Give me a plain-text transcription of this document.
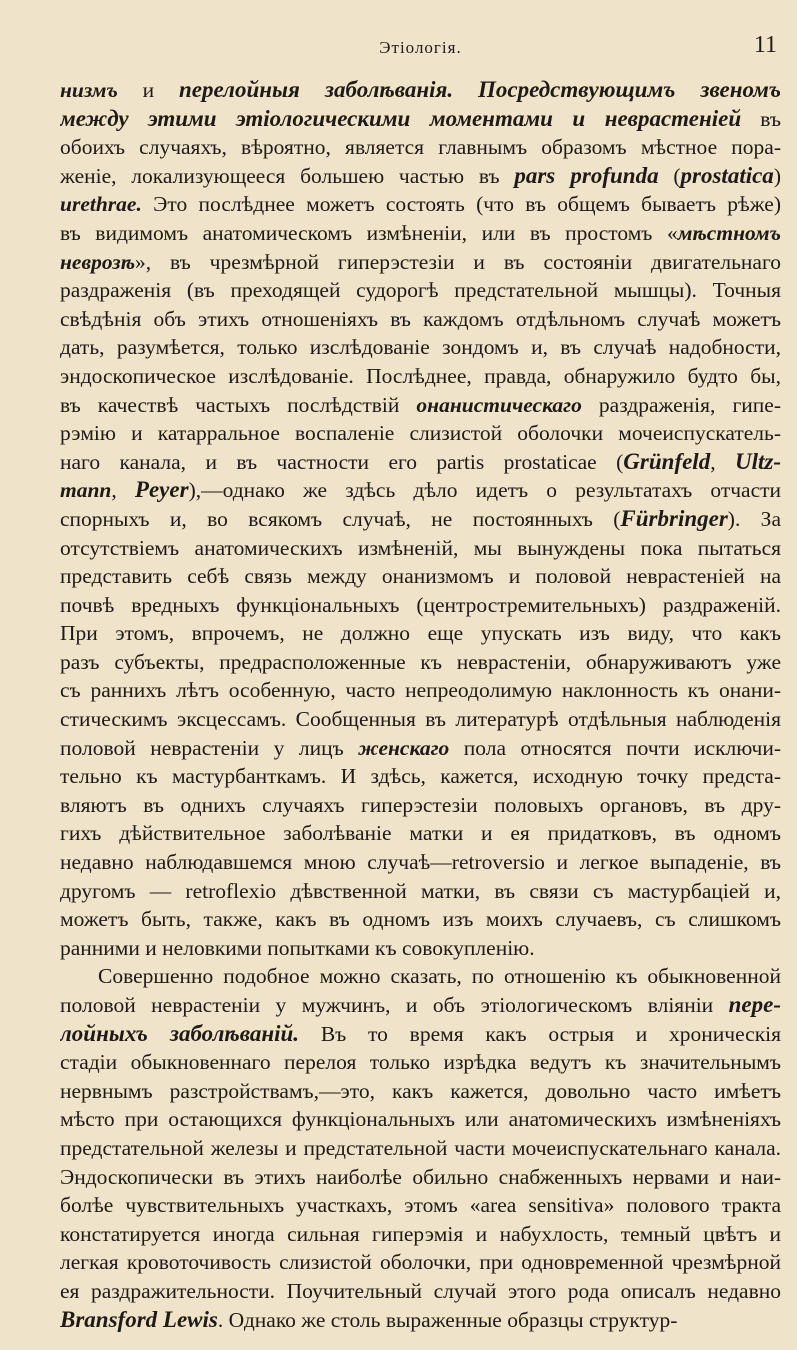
Этiологiя.	11
низмъ и перелойныя заболѣванiя. Посредствующимъ звеномъ
между этими этiологическими моментами и неврастенiей въ
обоихъ случаяхъ, вѣроятно, является главнымъ образомъ мѣстное пора-
женiе, локализующееся большею частью въ pars profunda (prostatica)
urethrae. Это послѣднее можетъ состоять (что въ общемъ бываетъ рѣже)
въ видимомъ анатомическомъ измѣненiи, или въ простомъ «мѣстномъ
неврозѣ», въ чрезмѣрной гиперэстезiи и въ состоянiи двигательнаго
раздраженiя (въ преходящей судорогѣ предстательной мышцы). Точныя
свѣдѣнiя объ этихъ отношенiяхъ въ каждомъ отдѣльномъ случаѣ можетъ
дать, разумѣется, только изслѣдованiе зондомъ и, въ случаѣ надобности,
эндоскопическое изслѣдованiе. Послѣднее, правда, обнаружило будто бы,
въ качествѣ частыхъ послѣдствiй онанистическаго раздраженiя, гипе-
рэмiю и катарральное воспаленiе слизистой оболочки мочеиспускатель-
наго канала, и въ частности его partis prostaticae (Grünfeld, Ultz-
mann, Peyer),—однако же здѣсь дѣло идетъ о результатахъ отчасти
спорныхъ и, во всякомъ случаѣ, не постоянныхъ (Fürbringer). За
отсутствiемъ анатомическихъ измѣненiй, мы вынуждены пока пытаться
представить себѣ связь между онанизмомъ и половой неврастенiей на
почвѣ вредныхъ функцiональныхъ (центростремительныхъ) раздраженiй.
При этомъ, впрочемъ, не должно еще упускать изъ виду, что какъ
разъ субъекты, предрасположенные къ неврастенiи, обнаруживаютъ уже
съ раннихъ лѣтъ особенную, часто непреодолимую наклонность къ онани-
стическимъ эксцессамъ. Сообщенныя въ литературѣ отдѣльныя наблюденiя
половой неврастенiи у лицъ женскаго пола относятся почти исключи-
тельно къ мастурбанткамъ. И здѣсь, кажется, исходную точку предста-
вляютъ въ однихъ случаяхъ гиперэстезiи половыхъ органовъ, въ дру-
гихъ дѣйствительное заболѣванiе матки и ея придатковъ, въ одномъ
недавно наблюдавшемся мною случаѣ—retroversio и легкое выпаденiе, въ
другомъ — retroflexio дѣвственной матки, въ связи съ мастурбацiей и,
можетъ быть, также, какъ въ одномъ изъ моихъ случаевъ, съ слишкомъ
ранними и неловкими попытками къ совокупленiю.
Совершенно подобное можно сказать, по отношенiю къ обыкновенной
половой неврастенiи у мужчинъ, и объ этiологическомъ влiянiи пере-
лойныхъ заболѣванiй. Въ то время какъ острыя и хроническiя
стадiи обыкновеннаго перелоя только изрѣдка ведутъ къ значительнымъ
нервнымъ разстройствамъ,—это, какъ кажется, довольно часто имѣетъ
мѣсто при остающихся функцiональныхъ или анатомическихъ измѣненiяхъ
предстательной железы и предстательной части мочеиспускательнаго канала.
Эндоскопически въ этихъ наиболѣе обильно снабженныхъ нервами и наи-
болѣе чувствительныхъ участкахъ, этомъ «area sensitiva» полового тракта
констатируется иногда сильная гиперэмiя и набухлость, темный цвѣтъ и
легкая кровоточивость слизистой оболочки, при одновременной чрезмѣрной
ея раздражительности. Поучительный случай этого рода описалъ недавно
Bransford Lewis. Однако же столь выраженные образцы структур-
